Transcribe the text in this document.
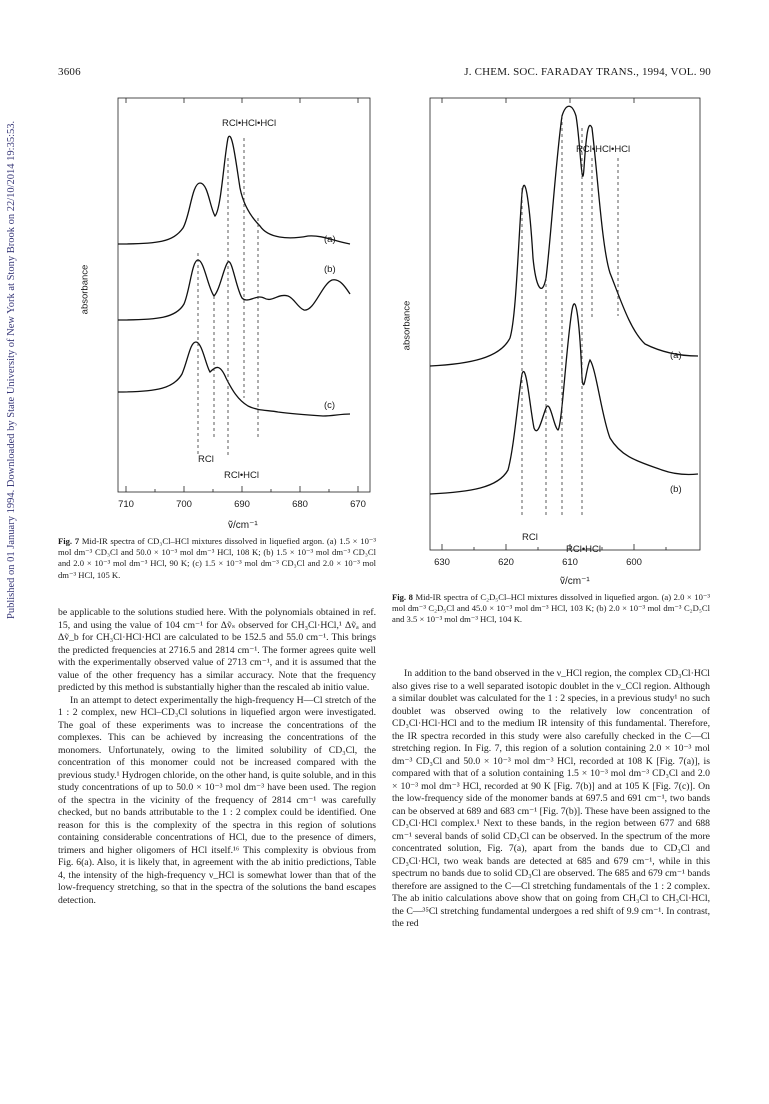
3606	J. CHEM. SOC. FARADAY TRANS., 1994, VOL. 90
Published on 01 January 1994. Downloaded by State University of New York at Stony Brook on 22/10/2014 19:35:53.	RCl•HCl•HCl
(a)
(b)
(c)
RCl
RCl•HCl
absorbance
710	700	690	680	670
ṽ/cm⁻¹
Fig. 7 Mid-IR spectra of CD₃Cl–HCl mixtures dissolved in liquefied argon. (a) 1.5 × 10⁻³ mol dm⁻³ CD₃Cl and 50.0 × 10⁻³ mol dm⁻³ HCl, 108 K; (b) 1.5 × 10⁻³ mol dm⁻³ CD₃Cl and 2.0 × 10⁻³ mol dm⁻³ HCl, 90 K; (c) 1.5 × 10⁻³ mol dm⁻³ CD₃Cl and 2.0 × 10⁻³ mol dm⁻³ HCl, 105 K.
RCl•HCl•HCl
(a)
(b)
RCl
RCl•HCl
absorbance
630	620	610	600
ṽ/cm⁻¹
Fig. 8 Mid-IR spectra of C₂D₅Cl–HCl mixtures dissolved in liquefied argon. (a) 2.0 × 10⁻³ mol dm⁻³ C₂D₅Cl and 45.0 × 10⁻³ mol dm⁻³ HCl, 103 K; (b) 2.0 × 10⁻³ mol dm⁻³ C₂D₅Cl and 3.5 × 10⁻³ mol dm⁻³ HCl, 104 K.

be applicable to the solutions studied here. With the polynomials obtained in ref. 15, and using the value of 104 cm⁻¹ for Δṽₛ observed for CH₃Cl·HCl,¹ Δṽₐ and Δṽ_b for CH₃Cl·HCl·HCl are calculated to be 152.5 and 55.0 cm⁻¹. This brings the predicted frequencies at 2716.5 and 2814 cm⁻¹. The former agrees quite well with the experimentally observed value of 2713 cm⁻¹, and it is assumed that the value of the other frequency has a similar accuracy. Note that the frequency predicted by this method is substantially higher than the rescaled ab initio value.

In an attempt to detect experimentally the high-frequency H—Cl stretch of the 1 : 2 complex, new HCl–CD₃Cl solutions in liquefied argon were investigated. The goal of these experiments was to increase the concentrations of the complexes. This can be achieved by increasing the concentrations of the monomers. Unfortunately, owing to the limited solubility of CD₃Cl, the concentration of this monomer could not be increased compared with the previous study.¹ Hydrogen chloride, on the other hand, is quite soluble, and in this study concentrations of up to 50.0 × 10⁻³ mol dm⁻³ have been used. The region of the spectra in the vicinity of the frequency of 2814 cm⁻¹ was carefully checked, but no bands attributable to the 1 : 2 complex could be identified. One reason for this is the complexity of the spectra in this region of solutions containing considerable concentrations of HCl, due to the presence of dimers, trimers and higher oligomers of HCl itself.¹⁶ This complexity is obvious from Fig. 6(a). Also, it is likely that, in agreement with the ab initio predictions, Table 4, the intensity of the high-frequency ν_HCl is somewhat lower than that of the low-frequency stretching, so that in the spectra of the solutions the band escapes detection.

In addition to the band observed in the ν_HCl region, the complex CD₃Cl·HCl also gives rise to a well separated isotopic doublet in the ν_CCl region. Although a similar doublet was calculated for the 1 : 2 species, in a previous study¹ no such doublet was observed owing to the relatively low concentration of CD₃Cl·HCl·HCl and to the medium IR intensity of this fundamental. Therefore, the IR spectra recorded in this study were also carefully checked in the C—Cl stretching region. In Fig. 7, this region of a solution containing 2.0 × 10⁻³ mol dm⁻³ CD₃Cl and 50.0 × 10⁻³ mol dm⁻³ HCl, recorded at 108 K [Fig. 7(a)], is compared with that of a solution containing 1.5 × 10⁻³ mol dm⁻³ CD₃Cl and 2.0 × 10⁻³ mol dm⁻³ HCl, recorded at 90 K [Fig. 7(b)] and at 105 K [Fig. 7(c)]. On the low-frequency side of the monomer bands at 697.5 and 691 cm⁻¹, two bands can be observed at 689 and 683 cm⁻¹ [Fig. 7(b)]. These have been assigned to the CD₃Cl·HCl complex.¹ Next to these bands, in the region between 677 and 688 cm⁻¹ several bands of solid CD₃Cl can be observed. In the spectrum of the more concentrated solution, Fig. 7(a), apart from the bands due to CD₃Cl and CD₃Cl·HCl, two weak bands are detected at 685 and 679 cm⁻¹, while in this spectrum no bands due to solid CD₃Cl are observed. The 685 and 679 cm⁻¹ bands therefore are assigned to the C—Cl stretching fundamentals of the 1 : 2 complex. The ab initio calculations above show that on going from CH₃Cl to CH₃Cl·HCl, the C—³⁵Cl stretching fundamental undergoes a red shift of 9.9 cm⁻¹. In contrast, the red
